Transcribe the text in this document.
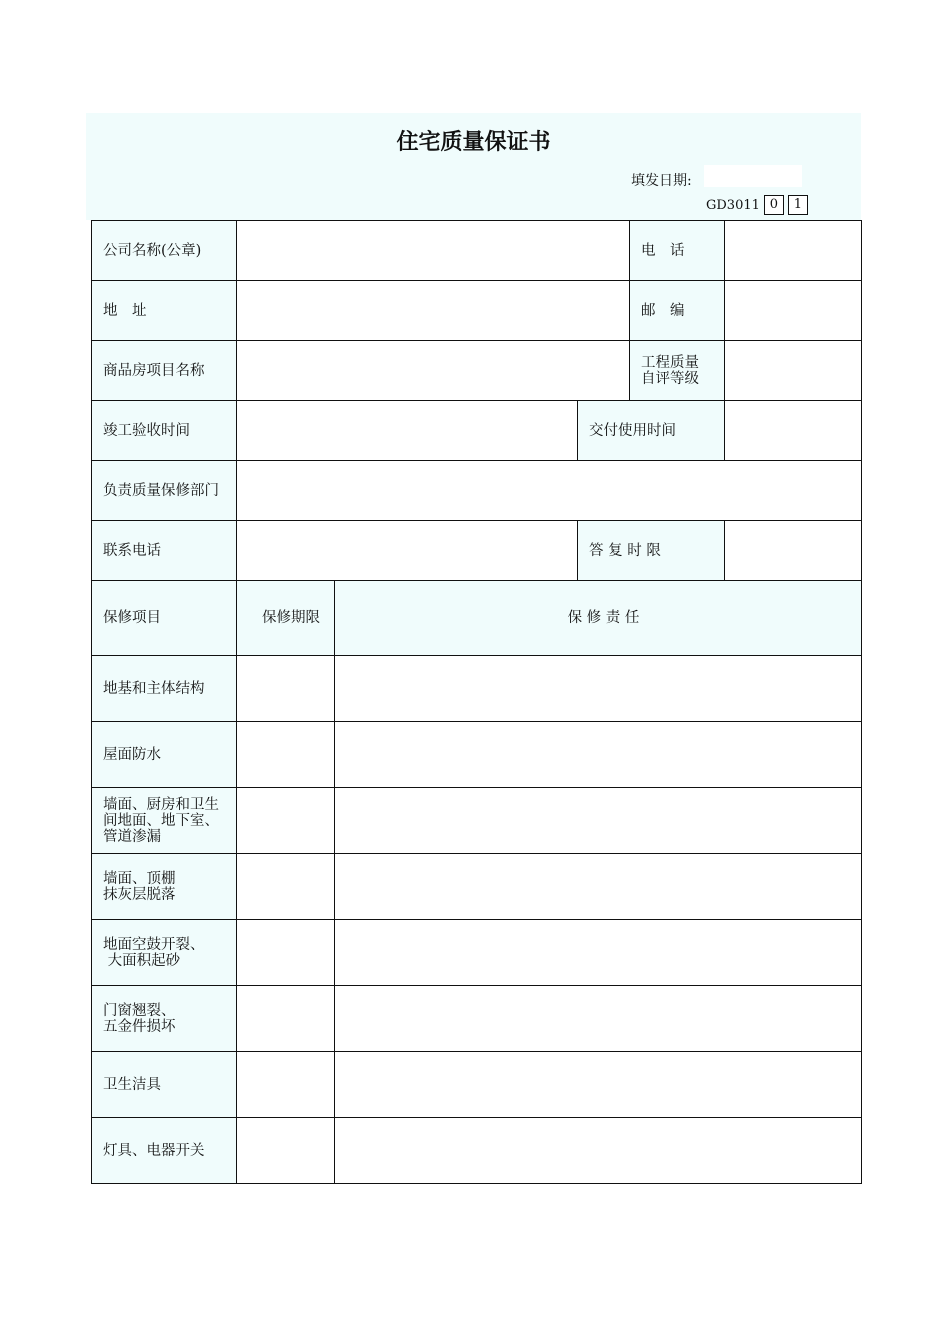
住宅质量保证书
填发日期:
GD3011 0	1
公司名称(公章)				电　话	
地　址				邮　编	
商品房项目名称				工程质量
自评等级	

竣工验收时间			交付使用时间		
负责质量保修部门					
联系电话			答 复 时 限		
保修项目	保修期限	保 修 责 任			

地基和主体结构					

屋面防水					

墙面、厨房和卫生
间地面、地下室、
管道渗漏					

墙面、顶棚
抹灰层脱落					

地面空鼓开裂、
大面积起砂					

门窗翘裂、
五金件损坏					

卫生洁具					

灯具、电器开关					
